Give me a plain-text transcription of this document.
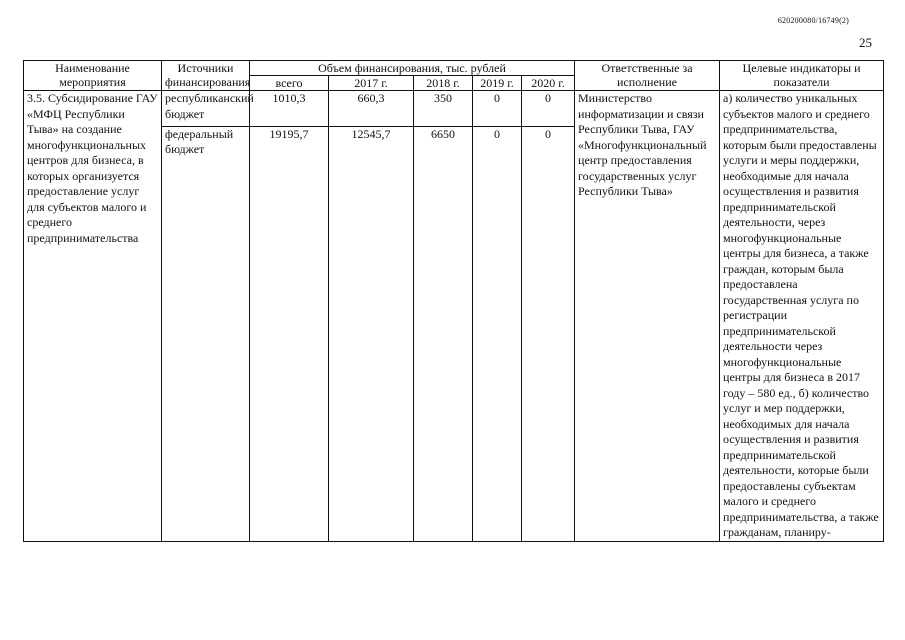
620200080/16749(2)
25
Наименование мероприятия	Источники финансирования	Объем финансирования, тыс. рублей					Ответственные за исполнение	Целевые индикаторы и показатели
		всего	2017 г.	2018 г.	2019 г.	2020 г.		
3.5. Субсидирование ГАУ «МФЦ Республики Тыва» на создание многофункциональных центров для бизнеса, в которых организуется предоставление услуг для субъектов малого и среднего предпринимательства	республиканский бюджет	1010,3	660,3	350	0	0	Министерство информатизации и связи Республики Тыва, ГАУ «Многофункциональный центр предоставления государственных услуг Республики Тыва»	а) количество уникальных субъектов малого и среднего предпринимательства, которым были предоставлены услуги и меры поддержки, необходимые для начала осуществления и развития предпринимательской деятельности, через многофункциональные центры для бизнеса, а также граждан, которым была предоставлена государственная услуга по регистрации предпринимательской деятельности через многофункциональные центры для бизнеса в 2017 году – 580 ед., б) количество услуг и мер поддержки, необходимых для начала осуществления и развития предпринимательской деятельности, которые были предоставлены субъектам малого и среднего предпринимательства, а также гражданам, планиру-
	федеральный бюджет	19195,7	12545,7	6650	0	0		
